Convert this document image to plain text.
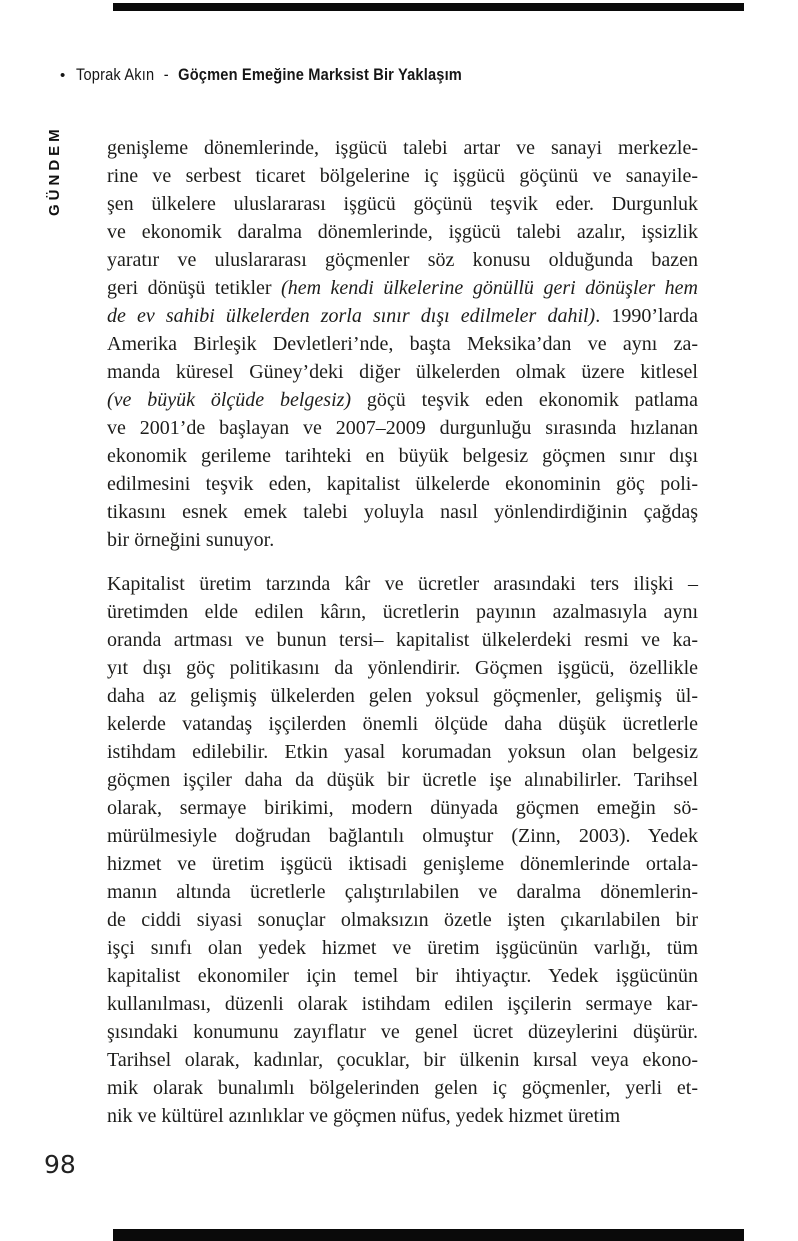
• Toprak Akın - Göçmen Emeğine Marksist Bir Yaklaşım
GÜNDEM genişleme dönemlerinde, işgücü talebi artar ve sanayi merkezle-
rine ve serbest ticaret bölgelerine iç işgücü göçünü ve sanayile-
şen ülkelere uluslararası işgücü göçünü teşvik eder. Durgunluk
ve ekonomik daralma dönemlerinde, işgücü talebi azalır, işsizlik
yaratır ve uluslararası göçmenler söz konusu olduğunda bazen
geri dönüşü tetikler (hem kendi ülkelerine gönüllü geri dönüşler hem
de ev sahibi ülkelerden zorla sınır dışı edilmeler dahil). 1990’larda
Amerika Birleşik Devletleri’nde, başta Meksika’dan ve aynı za-
manda küresel Güney’deki diğer ülkelerden olmak üzere kitlesel
(ve büyük ölçüde belgesiz) göçü teşvik eden ekonomik patlama
ve 2001’de başlayan ve 2007–2009 durgunluğu sırasında hızlanan
ekonomik gerileme tarihteki en büyük belgesiz göçmen sınır dışı
edilmesini teşvik eden, kapitalist ülkelerde ekonominin göç poli-
tikasını esnek emek talebi yoluyla nasıl yönlendirdiğinin çağdaş
bir örneğini sunuyor.
Kapitalist üretim tarzında kâr ve ücretler arasındaki ters ilişki –
üretimden elde edilen kârın, ücretlerin payının azalmasıyla aynı
oranda artması ve bunun tersi– kapitalist ülkelerdeki resmi ve ka-
yıt dışı göç politikasını da yönlendirir. Göçmen işgücü, özellikle
daha az gelişmiş ülkelerden gelen yoksul göçmenler, gelişmiş ül-
kelerde vatandaş işçilerden önemli ölçüde daha düşük ücretlerle
istihdam edilebilir. Etkin yasal korumadan yoksun olan belgesiz
göçmen işçiler daha da düşük bir ücretle işe alınabilirler. Tarihsel
olarak, sermaye birikimi, modern dünyada göçmen emeğin sö-
mürülmesiyle doğrudan bağlantılı olmuştur (Zinn, 2003). Yedek
hizmet ve üretim işgücü iktisadi genişleme dönemlerinde ortala-
manın altında ücretlerle çalıştırılabilen ve daralma dönemlerin-
de ciddi siyasi sonuçlar olmaksızın özetle işten çıkarılabilen bir
işçi sınıfı olan yedek hizmet ve üretim işgücünün varlığı, tüm
kapitalist ekonomiler için temel bir ihtiyaçtır. Yedek işgücünün
kullanılması, düzenli olarak istihdam edilen işçilerin sermaye kar-
şısındaki konumunu zayıflatır ve genel ücret düzeylerini düşürür.
Tarihsel olarak, kadınlar, çocuklar, bir ülkenin kırsal veya ekono-
mik olarak bunalımlı bölgelerinden gelen iç göçmenler, yerli et-
nik ve kültürel azınlıklar ve göçmen nüfus, yedek hizmet üretim
98
